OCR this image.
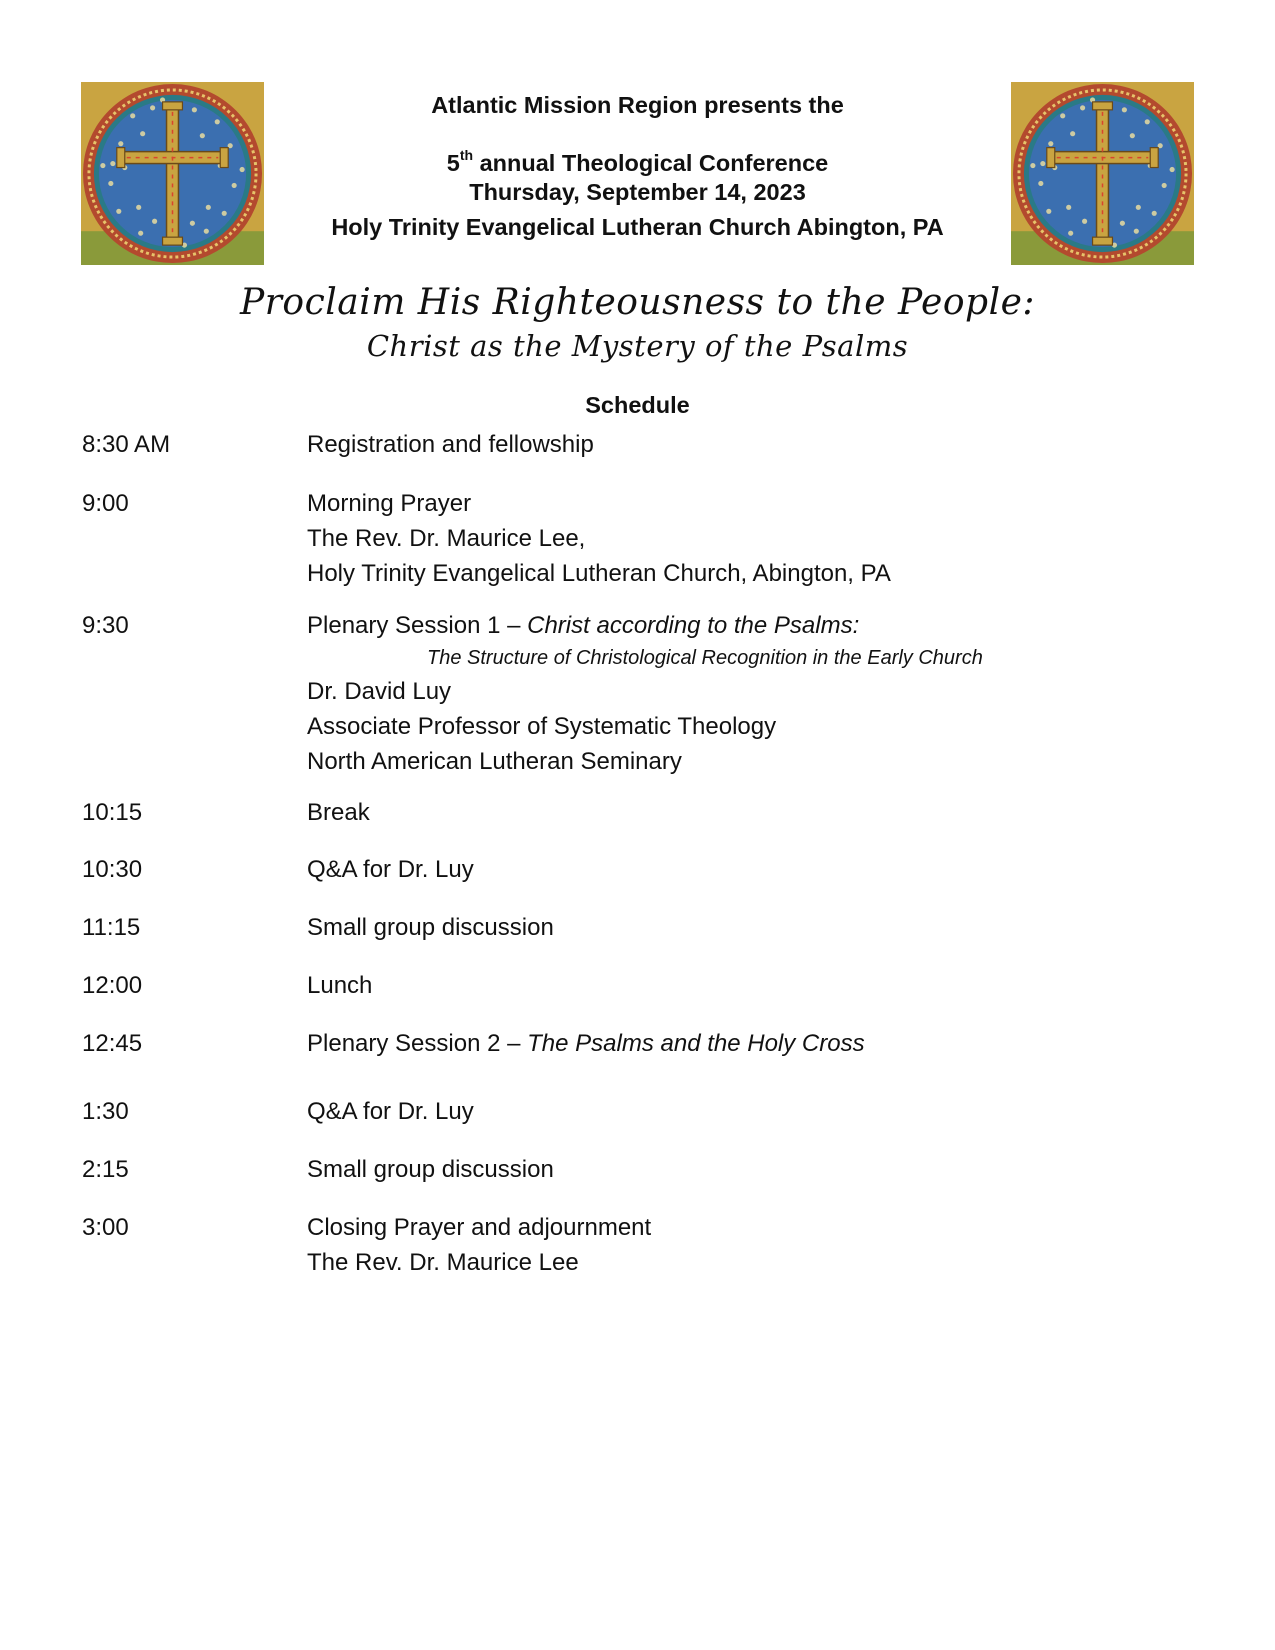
Atlantic Mission Region presents the
5th annual Theological Conference
Thursday, September 14, 2023
Holy Trinity Evangelical Lutheran Church Abington, PA
Proclaim His Righteousness to the People:
Christ as the Mystery of the Psalms
Schedule
8:30 AM	Registration and fellowship
9:00	Morning Prayer
The Rev. Dr. Maurice Lee,
Holy Trinity Evangelical Lutheran Church, Abington, PA
9:30	Plenary Session 1 – Christ according to the Psalms:
The Structure of Christological Recognition in the Early Church
Dr. David Luy
Associate Professor of Systematic Theology
North American Lutheran Seminary
10:15	Break
10:30	Q&A for Dr. Luy
11:15	Small group discussion
12:00	Lunch
12:45	Plenary Session 2 – The Psalms and the Holy Cross
1:30	Q&A for Dr. Luy
2:15	Small group discussion
3:00	Closing Prayer and adjournment
The Rev. Dr. Maurice Lee
